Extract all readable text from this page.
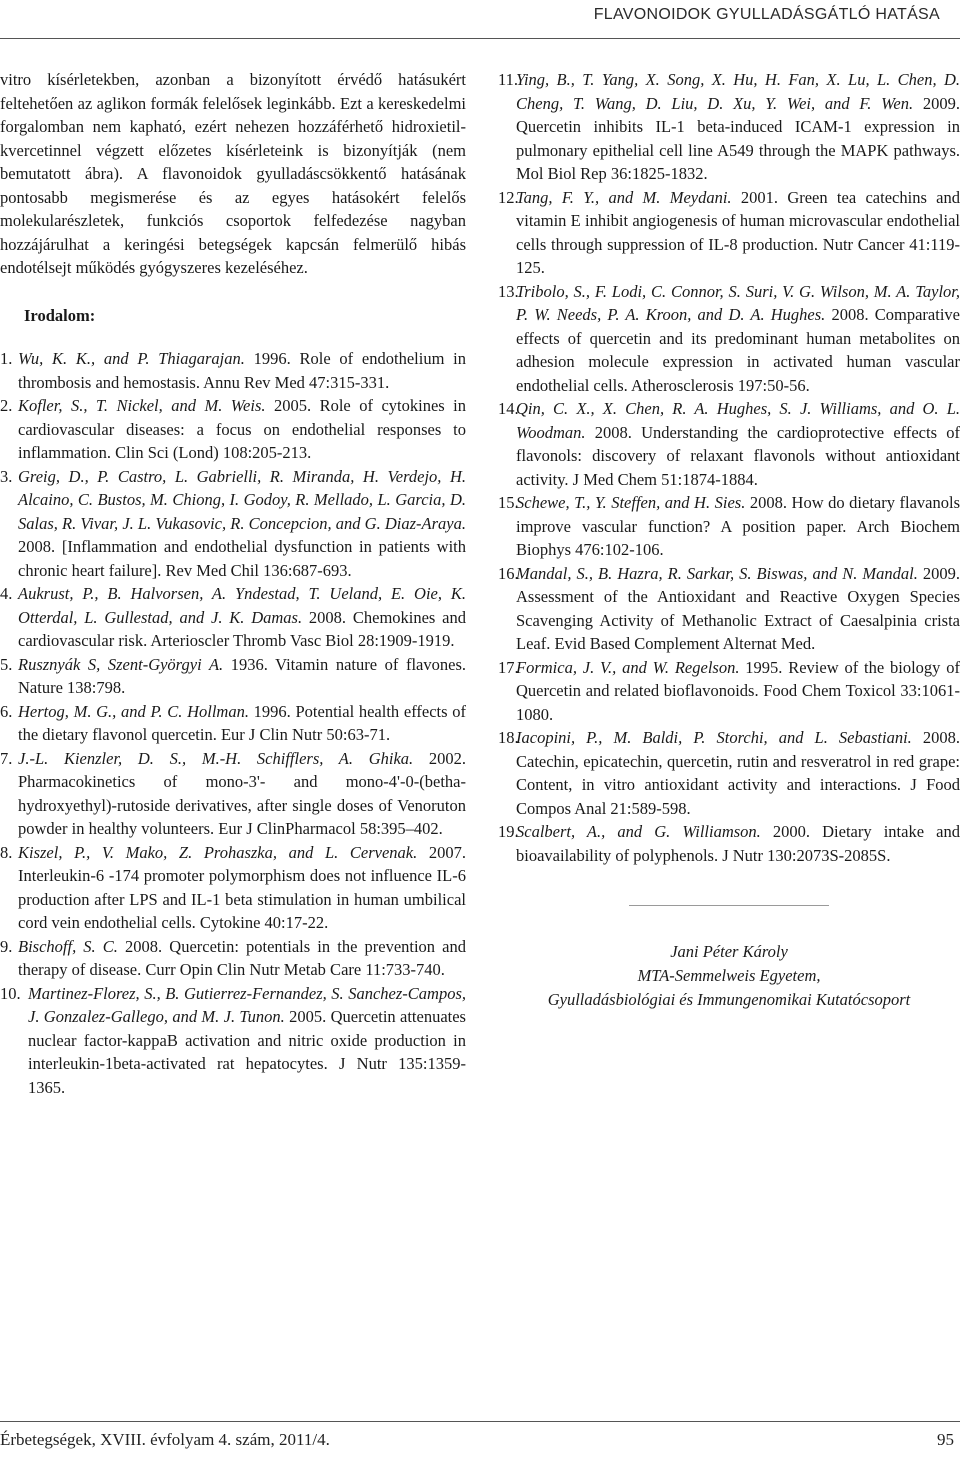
FLAVONOIDOK GYULLADÁSGÁTLÓ HATÁSA

vitro kísérletekben, azonban a bizonyított érvédő hatásukért feltehetően az aglikon formák felelősek leginkább. Ezt a kereskedelmi forgalomban nem kapható, ezért nehezen hozzáférhető hidroxietil-kvercetinnel végzett előzetes kísérleteink is bizonyítják (nem bemutatott ábra). A flavonoidok gyulladáscsökkentő hatásának pontosabb megismerése és az egyes hatásokért felelős molekularészletek, funkciós csoportok felfedezése nagyban hozzájárulhat a keringési betegségek kapcsán felmerülő hibás endotélsejt működés gyógyszeres kezeléséhez.

Irodalom:
1. Wu, K. K., and P. Thiagarajan. 1996. Role of endothelium in thrombosis and hemostasis. Annu Rev Med 47:315-331.
2. Kofler, S., T. Nickel, and M. Weis. 2005. Role of cytokines in cardiovascular diseases: a focus on endothelial responses to inflammation. Clin Sci (Lond) 108:205-213.
3. Greig, D., P. Castro, L. Gabrielli, R. Miranda, H. Verdejo, H. Alcaino, C. Bustos, M. Chiong, I. Godoy, R. Mellado, L. Garcia, D. Salas, R. Vivar, J. L. Vukasovic, R. Concepcion, and G. Diaz-Araya. 2008. [Inflammation and endothelial dysfunction in patients with chronic heart failure]. Rev Med Chil 136:687-693.
4. Aukrust, P., B. Halvorsen, A. Yndestad, T. Ueland, E. Oie, K. Otterdal, L. Gullestad, and J. K. Damas. 2008. Chemokines and cardiovascular risk. Arterioscler Thromb Vasc Biol 28:1909-1919.
5. Rusznyák S, Szent-Györgyi A. 1936. Vitamin nature of flavones. Nature 138:798.
6. Hertog, M. G., and P. C. Hollman. 1996. Potential health effects of the dietary flavonol quercetin. Eur J Clin Nutr 50:63-71.
7. J.-L. Kienzler, D. S., M.-H. Schifflers, A. Ghika. 2002. Pharmacokinetics of mono-3'- and mono-4'-0-(betha-hydroxyethyl)-rutoside derivatives, after single doses of Venoruton powder in healthy volunteers. Eur J ClinPharmacol 58:395–402.
8. Kiszel, P., V. Mako, Z. Prohaszka, and L. Cervenak. 2007. Interleukin-6 -174 promoter polymorphism does not influence IL-6 production after LPS and IL-1 beta stimulation in human umbilical cord vein endothelial cells. Cytokine 40:17-22.
9. Bischoff, S. C. 2008. Quercetin: potentials in the prevention and therapy of disease. Curr Opin Clin Nutr Metab Care 11:733-740.
10. Martinez-Florez, S., B. Gutierrez-Fernandez, S. Sanchez-Campos, J. Gonzalez-Gallego, and M. J. Tunon. 2005. Quercetin attenuates nuclear factor-kappaB activation and nitric oxide production in interleukin-1beta-activated rat hepatocytes. J Nutr 135:1359-1365.
11.
Ying, B., T. Yang, X. Song, X. Hu, H. Fan, X. Lu, L. Chen, D. Cheng, T. Wang, D. Liu, D. Xu, Y. Wei, and F. Wen. 2009. Quercetin inhibits IL-1 beta-induced ICAM-1 expression in pulmonary epithelial cell line A549 through the MAPK pathways. Mol Biol Rep 36:1825-1832.
12.
Tang, F. Y., and M. Meydani. 2001. Green tea catechins and vitamin E inhibit angiogenesis of human microvascular endothelial cells through suppression of IL-8 production. Nutr Cancer 41:119-125.
13.
Tribolo, S., F. Lodi, C. Connor, S. Suri, V. G. Wilson, M. A. Taylor, P. W. Needs, P. A. Kroon, and D. A. Hughes. 2008. Comparative effects of quercetin and its predominant human metabolites on adhesion molecule expression in activated human vascular endothelial cells. Atherosclerosis 197:50-56.
14.
Qin, C. X., X. Chen, R. A. Hughes, S. J. Williams, and O. L. Woodman. 2008. Understanding the cardioprotective effects of flavonols: discovery of relaxant flavonols without antioxidant activity. J Med Chem 51:1874-1884.
15.
Schewe, T., Y. Steffen, and H. Sies. 2008. How do dietary flavanols improve vascular function? A position paper. Arch Biochem Biophys 476:102-106.
16.
Mandal, S., B. Hazra, R. Sarkar, S. Biswas, and N. Mandal. 2009. Assessment of the Antioxidant and Reactive Oxygen Species Scavenging Activity of Methanolic Extract of Caesalpinia crista Leaf. Evid Based Complement Alternat Med.
17.
Formica, J. V., and W. Regelson. 1995. Review of the biology of Quercetin and related bioflavonoids. Food Chem Toxicol 33:1061-1080.
18.
Iacopini, P., M. Baldi, P. Storchi, and L. Sebastiani. 2008. Catechin, epicatechin, quercetin, rutin and resveratrol in red grape: Content, in vitro antioxidant activity and interactions. J Food Compos Anal 21:589-598.
19.
Scalbert, A., and G. Williamson. 2000. Dietary intake and bioavailability of polyphenols. J Nutr 130:2073S-2085S.
Jani Péter Károly
MTA-Semmelweis Egyetem,
Gyulladásbiológiai és Immungenomikai Kutatócsoport
Érbetegségek, XVIII. évfolyam 4. szám, 2011/4.	95
